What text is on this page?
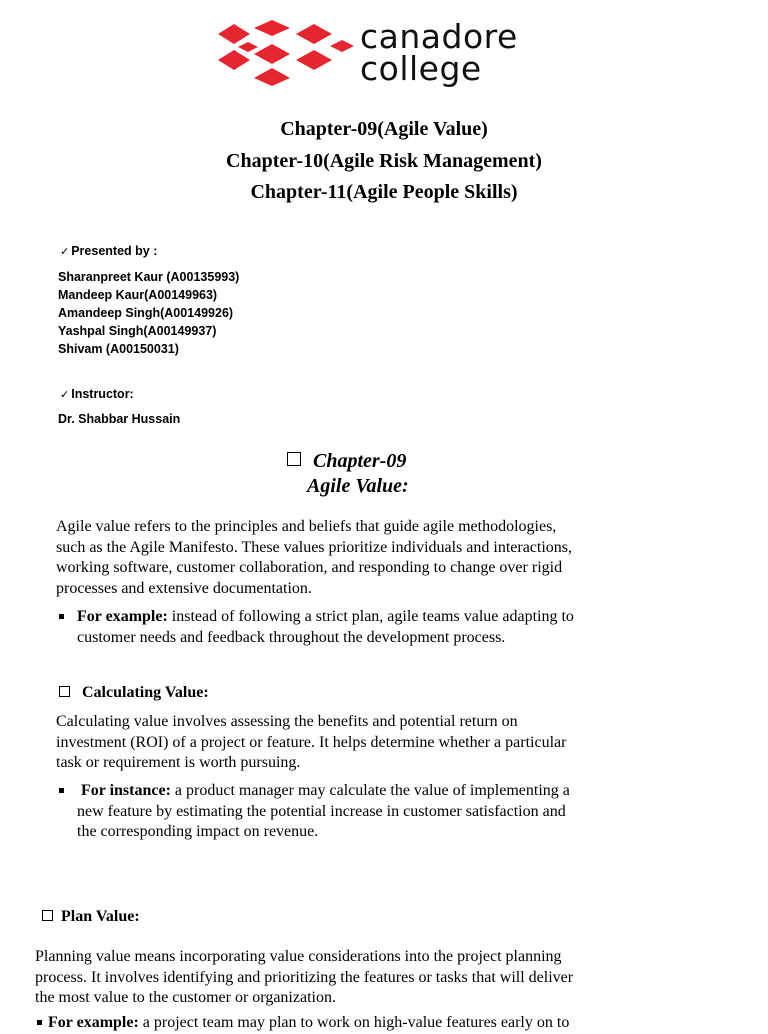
canadore
college
Chapter-09(Agile Value)
Chapter-10(Agile Risk Management)
Chapter-11(Agile People Skills)
✓ Presented by :
Sharanpreet Kaur (A00135993)
Mandeep Kaur(A00149963)
Amandeep Singh(A00149926)
Yashpal Singh(A00149937)
Shivam (A00150031)
✓ Instructor:
Dr. Shabbar Hussain
Chapter-09
Agile Value:
Agile value refers to the principles and beliefs that guide agile methodologies,
such as the Agile Manifesto. These values prioritize individuals and interactions,
working software, customer collaboration, and responding to change over rigid
processes and extensive documentation.
For example: instead of following a strict plan, agile teams value adapting to
customer needs and feedback throughout the development process.
Calculating Value:
Calculating value involves assessing the benefits and potential return on
investment (ROI) of a project or feature. It helps determine whether a particular
task or requirement is worth pursuing.
For instance: a product manager may calculate the value of implementing a
new feature by estimating the potential increase in customer satisfaction and
the corresponding impact on revenue.
Plan Value:
Planning value means incorporating value considerations into the project planning
process. It involves identifying and prioritizing the features or tasks that will deliver
the most value to the customer or organization.
For example: a project team may plan to work on high-value features early on to
